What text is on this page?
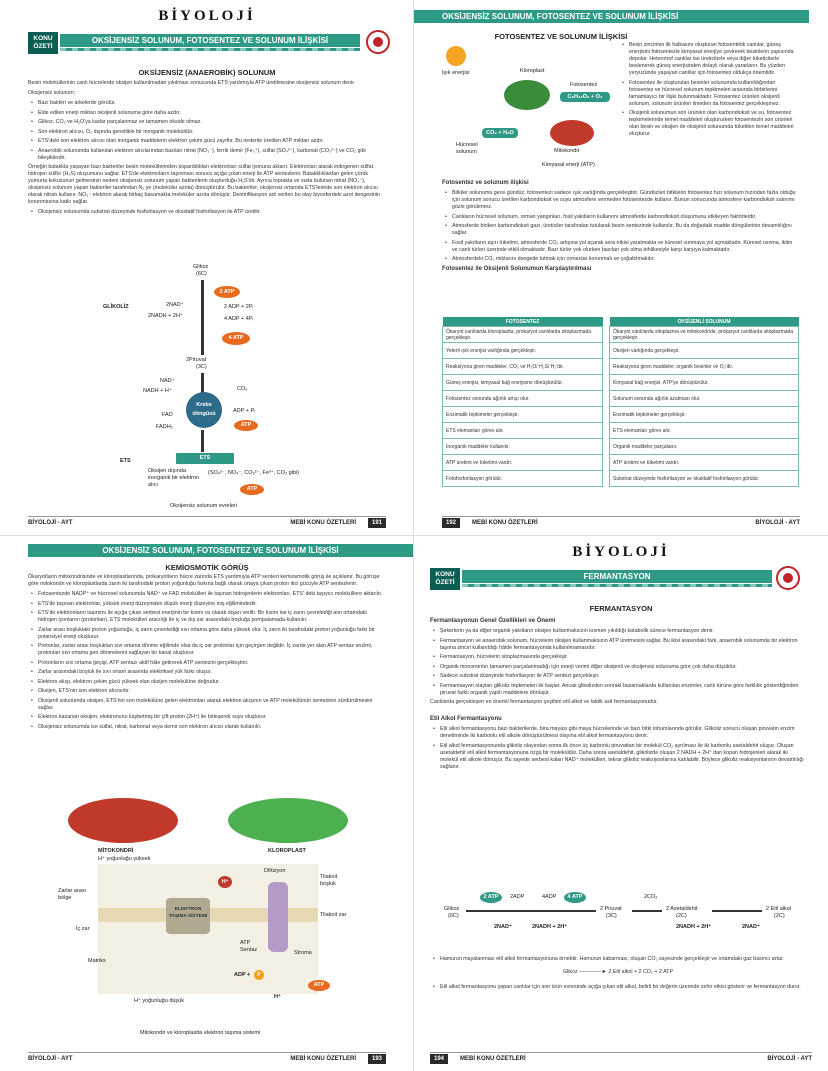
BİYOLOJİ
KONU ÖZETİ
OKSİJENSİZ SOLUNUM, FOTOSENTEZ VE SOLUNUM İLİŞKİSİ
OKSİJENSİZ (ANAEROBİK) SOLUNUM

Besin moleküllerinin canlı hücrelerde oksijen kullanılmadan yıkılması sonucunda ETS yardımıyla ATP üretilmesine oksijensiz solunum denir.

Oksijensiz solunum;

• Bazı bakteri ve arkelerde görülür.
• Elde edilen enerji miktarı oksijenli solunuma göre daha azdır.
• Glikoz, CO₂ ve H₂O'ya kadar parçalanmaz ve tamamen okside olmaz.
• Son elektron alıcısı, O₂ dışında genellikle bir inorganik moleküldür.
• ETS'deki son elektron alıcısı olan inorganik maddelerin elektron çekim gücü zayıftır. Bu nedenle üretilen ATP miktarı azdır.
• Anaerobik solunumda kullanılan elektron alıcılarından bazıları nitrat (NO₃⁻), ferrik demir (Fe₃⁺), sülfat (SO₄²⁻), karbonat (CO₃²⁻) ve CO₂ gibi bileşiklerdir.

Örneğin batakkta yaşayan bazı bakteriler besin moleküllerinden koparddıkları elektronları sülfat iyonuna aktarır. Elektronları alarak indirgenen sülfat, hidrojen sülfür (H₂S) oluşumunu sağlar. ETS'de elektronların taşınması sonucu açığa çıkan enerji ile ATP sentezlenir. Batakklıklardan gelen çürük yumurta kokusunun gelmesinin nedeni oksijensiz solunum yapan bakterilerin oluşturduğu H₂S'dir. Ayrıca toprakta ve suda bulunan nitrat (NO₃⁻), oksijensiz solunum yapan bakteriler tarafından N₂ ye (moleküler azota) dönüştürülür. Bu bakteriler, oksijensiz ortamda ETS'lerinde son elektron alıcısı olarak nitratı kullanır. NO₃⁻ elektron alarak birkaç basamakta moleküler azota dönüşür. Denitrifikasyon adı verilen bu olay biyosferdeki azot dengesinin korunmasına katkı sağlar.

• Oksijensiz solunumda substrat düzeyinde fosforilasyon ve oksidatif fosforilasyon ile ATP üretilir.
Glikoz
(6C)
GLİKOLİZ
2 ATP
2NAD⁺
2NADH + 2H⁺
2 ADP + 2Pᵢ
4 ADP + 4Pᵢ
4 ATP
2Piruvat
(3C)
Krebs döngüsü
NAD⁺
NADH + H⁺	CO₂
FAD
FADH₂
ADP + Pᵢ
ATP
ETS	ETS
Oksijen dışında inorganik bir elektron alıcı
(SO₄²⁻, NO₃⁻, CO₃²⁻, Fe³⁺, CO₂ gibi)
ATP
Oksijensiz solunum evreleri
BİYOLOJİ - AYT	MEBİ KONU ÖZETLERİ	191
OKSİJENSİZ SOLUNUM, FOTOSENTEZ VE SOLUNUM İLİŞKİSİ
FOTOSENTEZ VE SOLUNUM İLİŞKİSİ
Işık enerjisi	Kloroplast
Fotosentez
C₆H₁₂O₆ + O₂
CO₂ + H₂O
Hücresel solunum	Mitokondri
Kimyasal enerji (ATP)
• Besin zincirinin ilk halkasını oluşturan fotosentetik canlılar, güneş enerjisini fotosentezle kimyasal enerjiye çevirerek besinlerin yapısında depolar. Heterotrof canlılar ise üreticilerle veya diğer tüketicilerle beslenerek güneş enerjisinden dolaylı olarak yararlanır. Bu yüzden yeryüzünde yaşayan canlılar için fotosentez oldukça önemlidir.
• Fotosentez ile oluşturulan besinler solunumda kullanıldığından fotosentez ve hücresel solunum tepkimeleri arasında birbirlerini tamamlayıcı bir ilişki bulunmaktadır. Fotosentez ürünleri oksijenli solunum, solunum ürünleri ilmeden da fotosentez gerçekleşmez.
• Oksijenli solunumun son ürünleri olan karbondioksit ve su, fotosentez tepkimelerinde temel maddeleri oluştururken fotosentezin son ürünleri olan besin ve oksijen de oksijenli solunumda tüketilen temel maddeleri oluşturur.
Fotosentez ve solunum ilişkisi
• Bitkiler solunumu gece gündüz, fotosentezi sadece ışık varlığında gerçekleştirir. Gündüzleri bitkilerin fotosentez hızı solunum hızından fazla olduğu için solunum sonucu üretilen karbondioksit ve suyu atmosfere vermeden fotosentezde kullanır. Bunun sonucunda atmosfere karbondioksit salınımı gözle görülemez.
• Canlıların hücresel solunum, orman yangınları, fosil yakıtların kullanımı atmosferde karbondioksit oluşumunu etkileyen faktörlerdir.
• Atmosferde biriken karbondioksit gazı, üreticiler tarafından tutularak besin sentezinde kullanılır. Bu da doğadaki madde döngülerinin devamlılığını sağlar.
• Fosil yakıtların aşırı tüketimi, atmosferde CO₂ artışına yol açarak sera etkisi yaratmakta ve küresel ısınmaya yol açmaktadır. Küresel ısınma, iklim ve canlı türleri üzerinde etkili olmaktadır. Bazı türler yok olurken bazıları yok olma tehlikesiyle karşı karşıya kalmaktadır.
• Atmosferdeki CO₂ miktarını dengede tutmak için ormanlar korunmalı ve çoğaltılmalıdır.
Fotosentez ile Oksijenli Solunumun Karşılaştırılması
FOTOSENTEZ		OKSİJENLİ SOLUNUM
Ökaryot canlılarda kloroplastta, prokaryot canlılarda sitoplazmada gerçekleşir.		Ökaryot canlılarda sitoplazma ve mitokondride, prokaryot canlılarda sitoplazmada gerçekleşir.
Yeterli ışık enerjisi varlığında gerçekleşir.		Oksijen varlığında gerçekleşir.
Reaksiyona giren maddeler, CO₂ ve H₂O/ H₂S/ H₂'dir.		Reaksiyona giren maddeler, organik besinler ve O₂'dir.
Güneş enerjisi, kimyasal bağ enerjisine dönüştürülür.		Kimyasal bağ enerjisi, ATP'ye dönüştürülür.
Fotosentez sonunda ağırlık artışı olur.		Solunum sonunda ağırlık azalması olur.
Enzimatik tepkimeler gerçekleşir.		Enzimatik tepkimeler gerçekleşir.
ETS elemanları görev alır.		ETS elemanları görev alır.
İnorganik maddeler kullanılır.		Organik maddeler parçalanır.
ATP üretimi ve tüketimi vardır.		ATP üretimi ve tüketimi vardır.
Fotofosforilasyon görülür.		Substrat düzeyinde fosforilasyon ve oksidatif fosforilasyon görülür.
192	MEBİ KONU ÖZETLERİ	BİYOLOJİ - AYT
OKSİJENSİZ SOLUNUM, FOTOSENTEZ VE SOLUNUM İLİŞKİSİ
KEMİOSMOTİK GÖRÜŞ

Ökaryotların mitokondrisinde ve kloroplastlarında, prokaryotların hücre zarında ETS yardımıyla ATP sentezi kemiosmotik görüş ile açıklanır. Bu görüşe göre mitokondri ve kloroplastlarda zarın iki tarafındaki proton yoğunluğu farkına bağlı olarak ortaya çıkan proton itici gücüyle ATP sentezlenir.

• Fotosentezde NADP⁺ ve hücresel solunumda NAD⁺ ve FAD molekülleri ile taşınan hidrojenlerin elektronları, ETS' deki taşıyıcı moleküllere aktarılır.
• ETS'de taşınan elektronlar, yüksek enerji düzeyinden düşük enerji düzeyine iniş eğilimindedir.
• ETS'de elektronların taşınımı ile açığa çıkan serbest enerjinin bir kısmı ısı olarak dışarı verilir. Bir kısmı ise iç zarın çevrelediği alın ortamdaki hidrojen iyonlarını (protonları), ETS molekülleri aracılığı ile iç ve dış zar arasındaki boşluğa pompalamada kullanılır.
• Zarlar arası boşluktaki proton yoğunluğu, iç zarın çevrelediği sıvı ortama göre daha yüksek olur. İç zarın iki tarafındaki proton yoğunluğu farkı bir potansiyel enerji oluşturur.
• Protonlar, zarlar arası boşluktan sıvı ortama dönme eğilimde olsa da iç zar protonlar için geçirgen değildir. İç zarda yer alan ATP sentaz enzimi, protonları sıvı ortama geri dönmelerini sağlayan bir kanal oluşturur.
• Protonların sıvı ortama geçişi, ATP sentazı aktif hâle getirerek ATP sentezini gerçekleştirir.
• Zarlar arasındaki boşluk ile sıvı ortam arasında elektriksel yük farkı oluşur.
• Elektron akışı, elektron çekim gücü yüksek olan oksijen molekülüne doğrudur.
• Oksijen, ETS'nin son elektron alıcısıdır.
• Oksijenli solunumda oksijen, ETS'nin son molekülüne gelen elektronları alarak elektron akışının ve ATP molekülünün sentezinin sürdürülmesini sağlar.
• Elektron kazanan oksijen, elektronunu kaybetmiş bir çift proton (2H⁺) ile birleşerek suyu oluşturur.
• Oksijensiz solunumda ise sülfat, nitrat, karbonat veya demir son elektron alıcısı olarak kullanılır.
MİTOKONDRİ	KLOROPLAST
H⁺ yoğunluğu yüksek
Zarlar arası bölge
İç zar
Matriks
ELEKTRON TAŞIMA SİSTEMİ
H⁺
Difüzyon
Tilakoit boşluk
Tilakoit zar
Stroma
ATP Sentaz
ADP +	P
ATP
H⁺
H⁺ yoğunluğu düşük
Mitokondri ve kloroplastta elektron taşıma sistemi
BİYOLOJİ - AYT	MEBİ KONU ÖZETLERİ	193
BİYOLOJİ
KONU ÖZETİ
FERMANTASYON
FERMANTASYON
Fermantasyonun Genel Özellikleri ve Önemi
• Şekerlerin ya da diğer organik yakıtların oksijen kullanmaksızın kısmen yıkıldığı katabolik sürece fermantasyon denir.
• Fermantasyon ve anaerobik solunum, hücrelerin oksijen kullanmaksızın ATP üretmesini sağlar. Bu ikisi arasındaki fark, anaerobik solunumda bir elektron taşıma zinciri kullanıldığı hâlde fermantasyonda kullanılmamasıdır.
• Fermantasyon, hücrelerin sitoplazmasında gerçekleşir.
• Organik monomerler tamamen parçalanmadığı için enerji verimi diğer oksijenli ve oksijensiz solunuma göre çok daha düşüktür.
• Sadece substrat düzeyinde fosforilasyon ile ATP sentezi gerçekleşir.
• Fermantasyon olayları glikoliz tepkimeleri ile başlar. Ancak glikolizden sonraki basamaklarda kullanılan enzimler, canlı türüne göre farklılık gösterdiğinden piruvat farklı organik yapılı maddelere dönüşür.

Canlılarda gerçekleşen en önemli fermantasyon çeşitleri etil alkol ve laktik asit fermantasyonudur.

Etil Alkol Fermantasyonu
• Etil alkol fermantasyonu bazı bakterilerde, bira mayası gibi maya hücrelerinde ve bazı bitki tohumlarında görülür. Glikoliz sonucu oluşan piruvatın enzim denetiminde iki karbonlu etil alkole dönüştürülmesi olayına etil alkol fermantasyonu denir.
• Etil alkol fermantasyonunda glikoliz olayından sonra ilk önce üç karbonlu piruvattan bir molekül CO₂ ayrılması ile iki karbonlu asetaldehit oluşur. Oluşan asetaldehit etil alkol fermantasyonuna özgü bir moleküldür. Daha sonra asetaldehit, glikolizde oluşan 2 NADH + 2H⁺ dan kopan hidrojenleri alarak iki molekül etil alkole dönüşür. Bu sayede serbest kalan NAD⁺ molekülleri, tekrar glikoliz reaksiyonlarına katılabilir. Böylece glikoliz reaksiyonlarının devamlılığı sağlanır.
Glikoz
(6C)
2 ATP	2ADP	4ADP	4 ATP
2 Piruvat
(3C)
2CO₂
2 Asetaldehit
(2C)
2 Etil alkol
(2C)
2NAD⁺	2NADH + 2H⁺	2NADH + 2H⁺	2NAD⁺
• Hamurun mayalanması etil alkol fermantasyonuna örnektir. Hamurun kabarması, oluşan CO₂ sayesinde gerçekleşir ve ortamdaki gaz basıncı artar.

Glikoz ──────► 2 Etil alkol + 2 CO₂ + 2 ATP

• Etil alkol fermantasyonu yapan canlılar için son ürün evresinde açığa çıkan etil alkol, belirli bir değerin üzerinde zehir etkisi gösterir ve fermantasyon durur.
194	MEBİ KONU ÖZETLERİ	BİYOLOJİ - AYT
